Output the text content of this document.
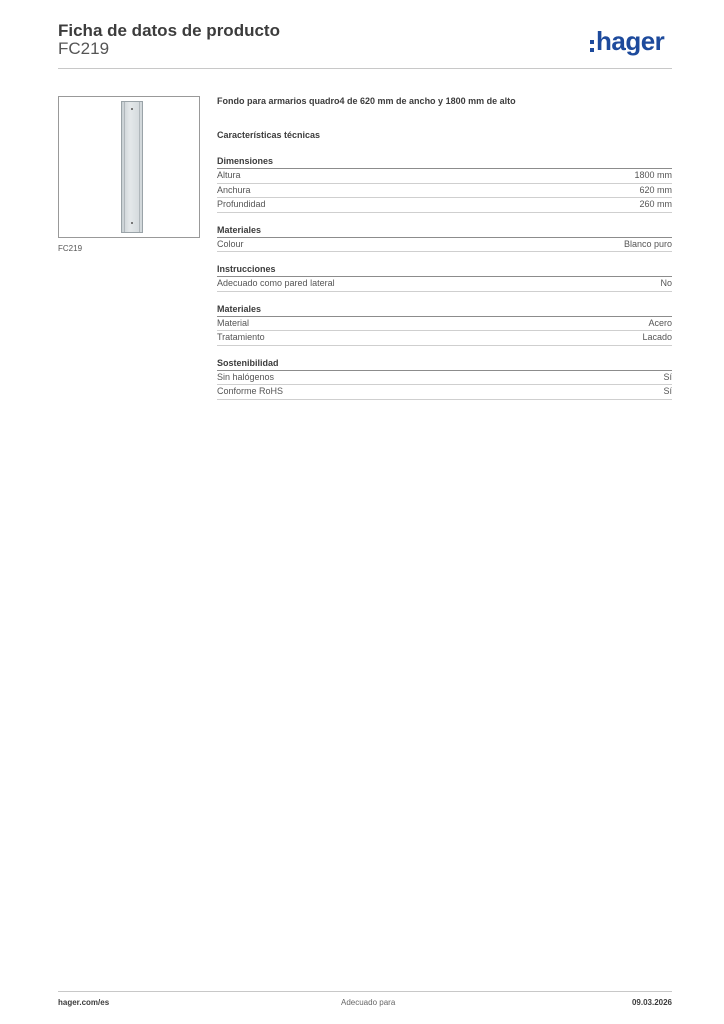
Ficha de datos de producto
FC219	hager
FC219
Fondo para armarios quadro4 de 620 mm de ancho y 1800 mm de alto
Características técnicas
Dimensiones
Altura	1800 mm
Anchura	620 mm
Profundidad	260 mm
Materiales
Colour	Blanco puro
Instrucciones
Adecuado como pared lateral	No
Materiales
Material	Acero
Tratamiento	Lacado
Sostenibilidad
Sin halógenos	Sí
Conforme RoHS	Sí
hager.com/es	Adecuado para	09.03.2026
